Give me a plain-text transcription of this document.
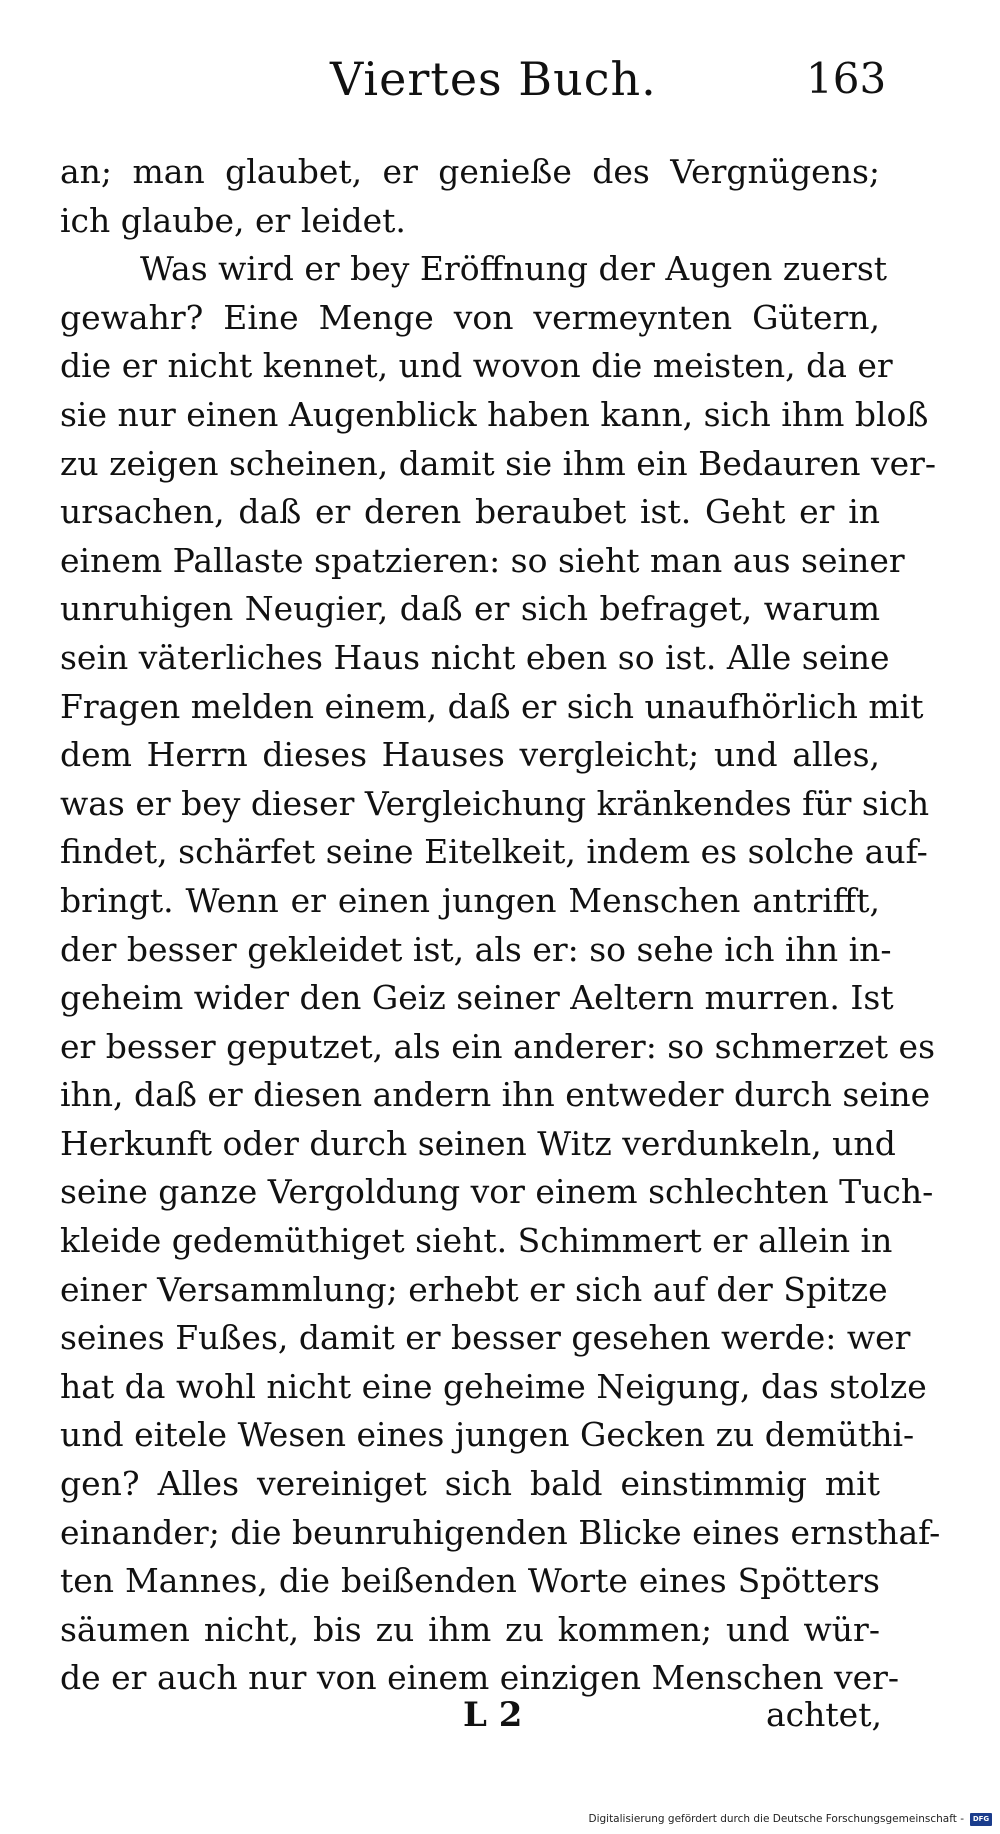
Viertes Buch.	163
an; man glaubet, er genieße des Vergnügens;
ich glaube, er leidet.
Was wird er bey Eröffnung der Augen zuerst
gewahr? Eine Menge von vermeynten Gütern,
die er nicht kennet, und wovon die meisten, da er
sie nur einen Augenblick haben kann, sich ihm bloß
zu zeigen scheinen, damit sie ihm ein Bedauren ver-
ursachen, daß er deren beraubet ist. Geht er in
einem Pallaste spatzieren: so sieht man aus seiner
unruhigen Neugier, daß er sich befraget, warum
sein väterliches Haus nicht eben so ist. Alle seine
Fragen melden einem, daß er sich unaufhörlich mit
dem Herrn dieses Hauses vergleicht; und alles,
was er bey dieser Vergleichung kränkendes für sich
findet, schärfet seine Eitelkeit, indem es solche auf-
bringt. Wenn er einen jungen Menschen antrifft,
der besser gekleidet ist, als er: so sehe ich ihn in-
geheim wider den Geiz seiner Aeltern murren. Ist
er besser geputzet, als ein anderer: so schmerzet es
ihn, daß er diesen andern ihn entweder durch seine
Herkunft oder durch seinen Witz verdunkeln, und
seine ganze Vergoldung vor einem schlechten Tuch-
kleide gedemüthiget sieht. Schimmert er allein in
einer Versammlung; erhebt er sich auf der Spitze
seines Fußes, damit er besser gesehen werde: wer
hat da wohl nicht eine geheime Neigung, das stolze
und eitele Wesen eines jungen Gecken zu demüthi-
gen? Alles vereiniget sich bald einstimmig mit
einander; die beunruhigenden Blicke eines ernsthaf-
ten Mannes, die beißenden Worte eines Spötters
säumen nicht, bis zu ihm zu kommen; und wür-
de er auch nur von einem einzigen Menschen ver-
L 2	achtet,
Digitalisierung gefördert durch die Deutsche Forschungsgemeinschaft -	DFG
